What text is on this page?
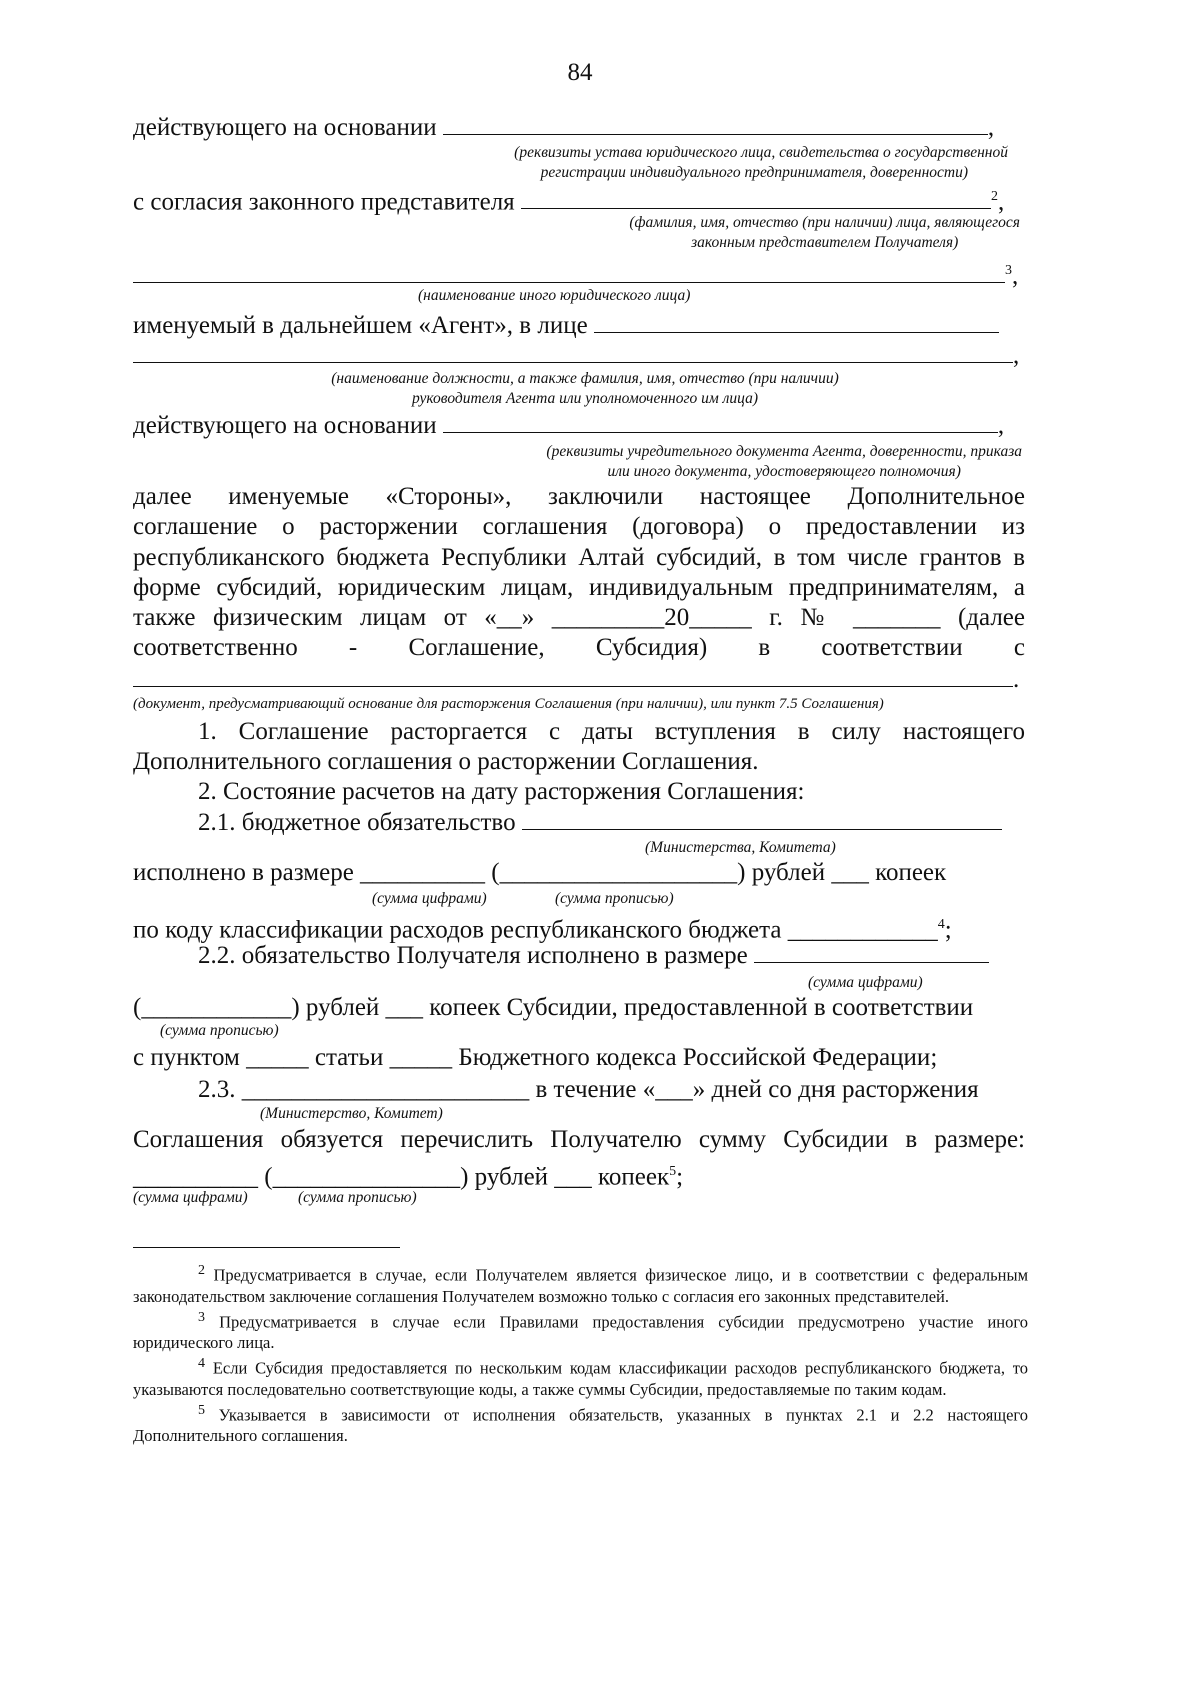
84
действующего на основании	,
(реквизиты устава юридического лица, свидетельства о государственной
регистрации индивидуального предпринимателя, доверенности)
с согласия законного представителя	$^2$,
(фамилия, имя, отчество (при наличии) лица, являющегося
законным представителем Получателя)
$^3$,
(наименование иного юридического лица)
именуемый в дальнейшем «Агент», в лице
,
(наименование должности, а также фамилия, имя, отчество (при наличии)
руководителя Агента или уполномоченного им лица)
действующего на основании	,
(реквизиты учредительного документа Агента, доверенности, приказа
или иного документа, удостоверяющего полномочия)
далее именуемые «Стороны», заключили настоящее Дополнительное
соглашение о расторжении соглашения (договора) о предоставлении из
республиканского бюджета Республики Алтай субсидий, в том числе грантов в
форме субсидий, юридическим лицам, индивидуальным предпринимателям, а
также физическим лицам от «__» _________20_____ г. № _______ (далее
соответственно - Соглашение, Субсидия) в соответствии с
.
(документ, предусматривающий основание для расторжения Соглашения (при наличии), или пункт 7.5 Соглашения)
1. Соглашение расторгается с даты вступления в силу настоящего
Дополнительного соглашения о расторжении Соглашения.
2. Состояние расчетов на дату расторжения Соглашения:
2.1. бюджетное обязательство
(Министерства, Комитета)
исполнено в размере __________ (___________________) рублей ___ копеек
(сумма цифрами)	(сумма прописью)
по коду классификации расходов республиканского бюджета ____________$^4$;
2.2. обязательство Получателя исполнено в размере
(сумма цифрами)
(____________) рублей ___ копеек Субсидии, предоставленной в соответствии
(сумма прописью)
с пунктом _____ статьи _____ Бюджетного кодекса Российской Федерации;
2.3. _______________________ в течение «___» дней со дня расторжения
(Министерство, Комитет)
Соглашения обязуется перечислить Получателю сумму Субсидии в размере:
__________ (_______________) рублей ___ копеек$^5$;
(сумма цифрами)	(сумма прописью)

$^2$ Предусматривается в случае, если Получателем является физическое лицо, и в соответствии с федеральным законодательством заключение соглашения Получателем возможно только с согласия его законных представителей.

$^3$ Предусматривается в случае если Правилами предоставления субсидии предусмотрено участие иного юридического лица.

$^4$ Если Субсидия предоставляется по нескольким кодам классификации расходов республиканского бюджета, то указываются последовательно соответствующие коды, а также суммы Субсидии, предоставляемые по таким кодам.

$^5$ Указывается в зависимости от исполнения обязательств, указанных в пунктах 2.1 и 2.2 настоящего Дополнительного соглашения.
